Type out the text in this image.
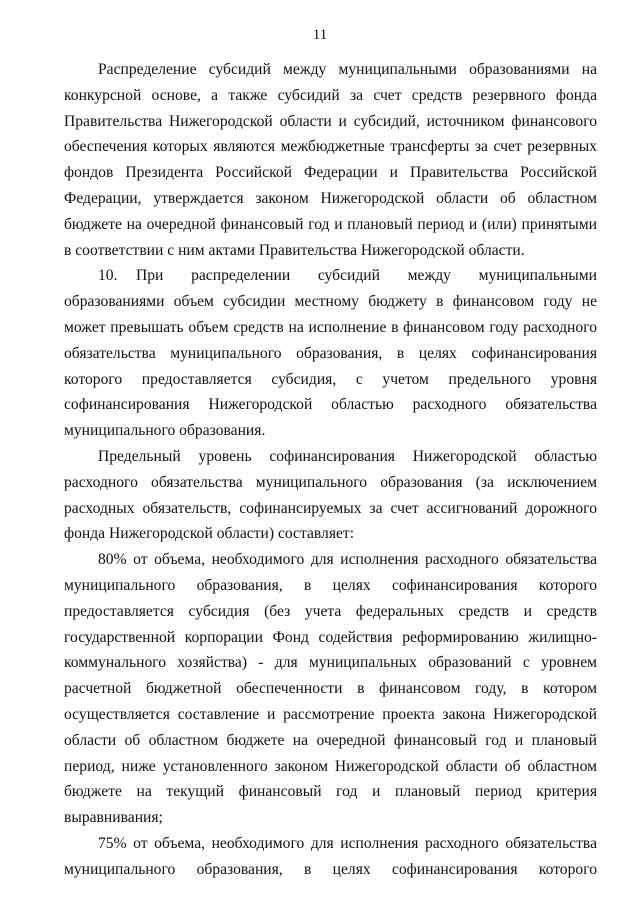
11

Распределение субсидий между муниципальными образованиями на конкурсной основе, а также субсидий за счет средств резервного фонда Правительства Нижегородской области и субсидий, источником финансового обеспечения которых являются межбюджетные трансферты за счет резервных фондов Президента Российской Федерации и Правительства Российской Федерации, утверждается законом Нижегородской области об областном бюджете на очередной финансовый год и плановый период и (или) принятыми в соответствии с ним актами Правительства Нижегородской области.

10. При распределении субсидий между муниципальными образованиями объем субсидии местному бюджету в финансовом году не может превышать объем средств на исполнение в финансовом году расходного обязательства муниципального образования, в целях софинансирования которого предоставляется субсидия, с учетом предельного уровня софинансирования Нижегородской областью расходного обязательства муниципального образования.

Предельный уровень софинансирования Нижегородской областью расходного обязательства муниципального образования (за исключением расходных обязательств, софинансируемых за счет ассигнований дорожного фонда Нижегородской области) составляет:

80% от объема, необходимого для исполнения расходного обязательства муниципального образования, в целях софинансирования которого предоставляется субсидия (без учета федеральных средств и средств государственной корпорации Фонд содействия реформированию жилищно-коммунального хозяйства) - для муниципальных образований с уровнем расчетной бюджетной обеспеченности в финансовом году, в котором осуществляется составление и рассмотрение проекта закона Нижегородской области об областном бюджете на очередной финансовый год и плановый период, ниже установленного законом Нижегородской области об областном бюджете на текущий финансовый год и плановый период критерия выравнивания;

75% от объема, необходимого для исполнения расходного обязательства муниципального образования, в целях софинансирования которого
